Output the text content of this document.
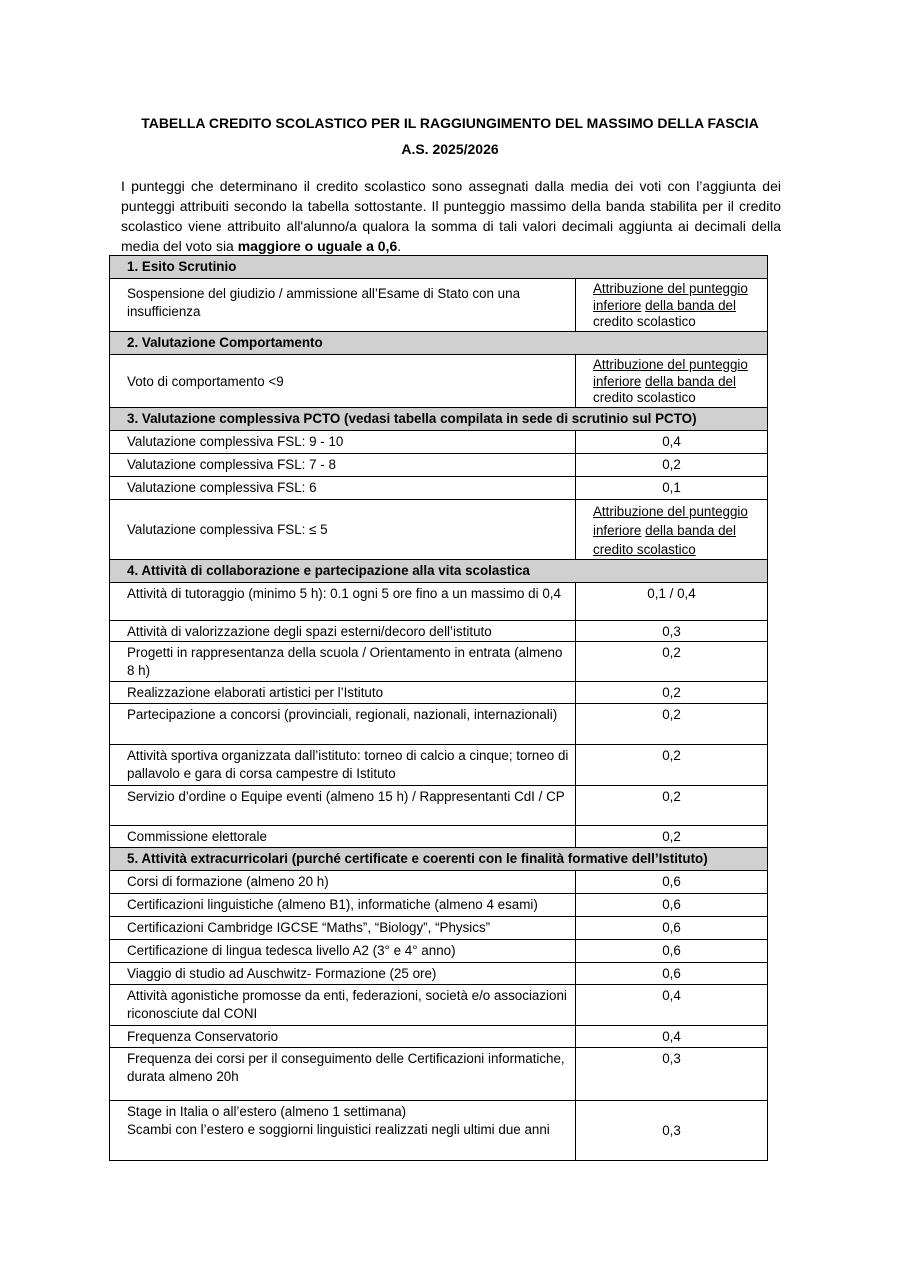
TABELLA CREDITO SCOLASTICO PER IL RAGGIUNGIMENTO DEL MASSIMO DELLA FASCIA
A.S. 2025/2026
I punteggi che determinano il credito scolastico sono assegnati dalla media dei voti con l’aggiunta dei punteggi attribuiti secondo la tabella sottostante. Il punteggio massimo della banda stabilita per il credito scolastico viene attribuito all'alunno/a qualora la somma di tali valori decimali aggiunta ai decimali della media del voto sia maggiore o uguale a 0,6.
1. Esito Scrutinio	
Sospensione del giudizio / ammissione all’Esame di Stato con una insufficienza	Attribuzione del punteggio
inferiore della banda del
credito scolastico
2. Valutazione Comportamento	
Voto di comportamento <9	Attribuzione del punteggio
inferiore della banda del
credito scolastico
3. Valutazione complessiva PCTO (vedasi tabella compilata in sede di scrutinio sul PCTO)	
Valutazione complessiva FSL: 9 - 10	0,4
Valutazione complessiva FSL: 7 - 8	0,2
Valutazione complessiva FSL: 6	0,1
Valutazione complessiva FSL: ≤ 5	Attribuzione del punteggio
inferiore della banda del
credito scolastico
4. Attività di collaborazione e partecipazione alla vita scolastica	
Attività di tutoraggio (minimo 5 h): 0.1 ogni 5 ore fino a un massimo di 0,4	0,1 / 0,4
Attività di valorizzazione degli spazi esterni/decoro dell’istituto	0,3
Progetti in rappresentanza della scuola / Orientamento in entrata (almeno 8 h)	0,2
Realizzazione elaborati artistici per l’Istituto	0,2
Partecipazione a concorsi (provinciali, regionali, nazionali, internazionali)	0,2
Attività sportiva organizzata dall’istituto: torneo di calcio a cinque; torneo di pallavolo e gara di corsa campestre di Istituto	0,2
Servizio d’ordine o Equipe eventi (almeno 15 h) / Rappresentanti CdI / CP	0,2
Commissione elettorale	0,2
5. Attività extracurricolari (purché certificate e coerenti con le finalità formative dell’Istituto)	
Corsi di formazione (almeno 20 h)	0,6
Certificazioni linguistiche (almeno B1), informatiche (almeno 4 esami)	0,6
Certificazioni Cambridge IGCSE “Maths”, “Biology”, “Physics”	0,6
Certificazione di lingua tedesca livello A2 (3° e 4° anno)	0,6
Viaggio di studio ad Auschwitz- Formazione (25 ore)	0,6
Attività agonistiche promosse da enti, federazioni, società e/o associazioni riconosciute dal CONI	0,4
Frequenza Conservatorio	0,4
Frequenza dei corsi per il conseguimento delle Certificazioni informatiche, durata almeno 20h	0,3
Stage in Italia o all’estero (almeno 1 settimana)
Scambi con l’estero e soggiorni linguistici realizzati negli ultimi due anni	0,3
